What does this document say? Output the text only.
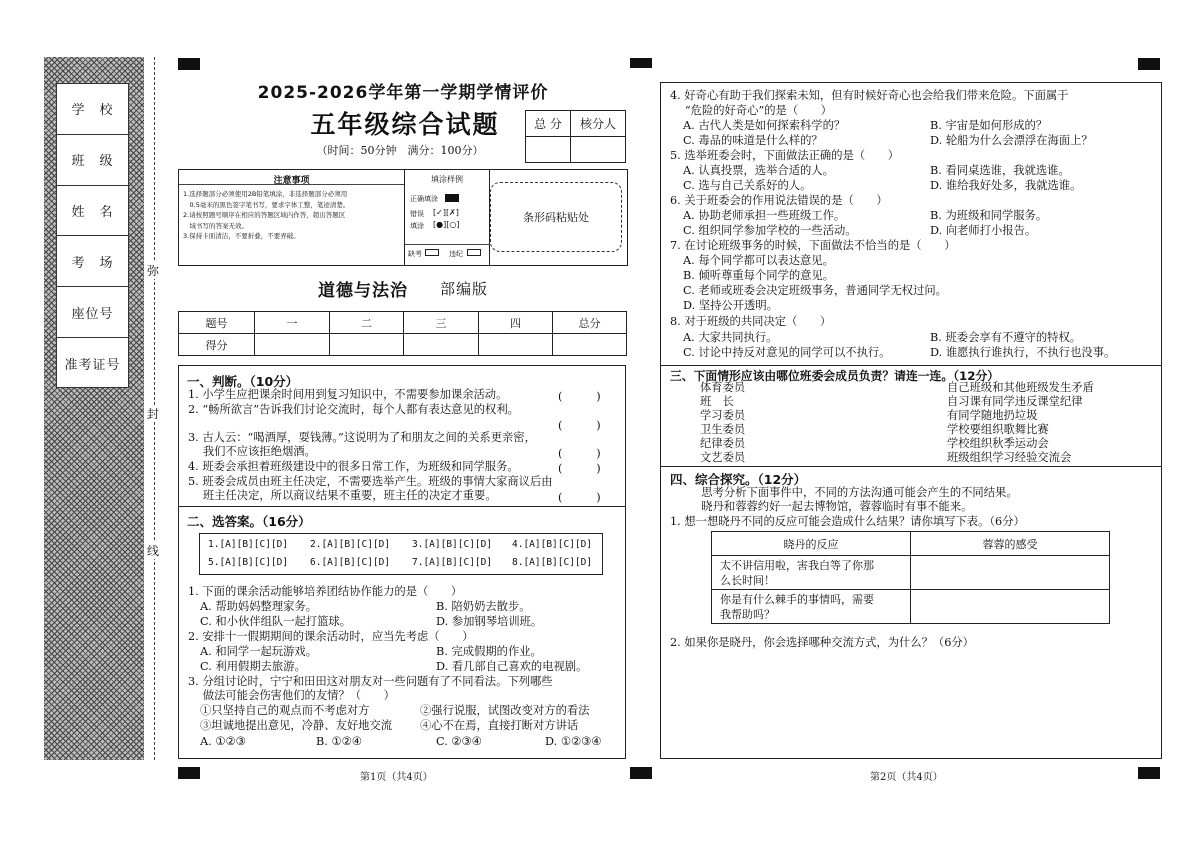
学　校
班　级
姓　名
考　场
座位号
准考证号
弥
封
线
2025-2026学年第一学期学情评价
五年级综合试题
（时间：50分钟　满分：100分）
总 分	核分人

注意事项
1.选择题部分必须使用2B铅笔填涂，非选择题部分必须用
　0.5毫米的黑色签字笔书写，要求字体工整，笔迹清楚。
2.请按照题号顺序在相应的答题区域内作答，超出答题区
　域书写的答案无效。
3.保持卡面清洁，不要折叠，不要弄破。
填涂样例
正确填涂
错误 [✓][✗]
填涂 [●][○]
缺考	违纪
条形码粘贴处
道德与法治 部编版
题号	一	二	三	四	总分
得分					
一、判断。（10分）
1. 小学生应把课余时间用到复习知识中，不需要参加课余活动。	(　　　)
2. “畅所欲言”告诉我们讨论交流时，每个人都有表达意见的权利。
(　　　)
3. 古人云：“喝酒厚，耍钱薄。”这说明为了和朋友之间的关系更亲密，
　 我们不应该拒绝烟酒。	(　　　)
4. 班委会承担着班级建设中的很多日常工作，为班级和同学服务。	(　　　)
5. 班委会成员由班主任决定，不需要选举产生。班级的事情大家商议后由
　 班主任决定，所以商议结果不重要，班主任的决定才重要。	(　　　)
二、选答案。（16分）
1.[A][B][C][D] 2.[A][B][C][D] 3.[A][B][C][D] 4.[A][B][C][D]
5.[A][B][C][D] 6.[A][B][C][D] 7.[A][B][C][D] 8.[A][B][C][D]
1. 下面的课余活动能够培养团结协作能力的是（　　）
A. 帮助妈妈整理家务。	B. 陪奶奶去散步。
C. 和小伙伴组队一起打篮球。	D. 参加钢琴培训班。
2. 安排十一假期期间的课余活动时，应当先考虑（　　）
A. 和同学一起玩游戏。	B. 完成假期的作业。
C. 利用假期去旅游。	D. 看几部自己喜欢的电视剧。
3. 分组讨论时，宁宁和田田这对朋友对一些问题有了不同看法。下列哪些
　 做法可能会伤害他们的友情？（　　）
①只坚持自己的观点而不考虑对方	②强行说服，试图改变对方的看法
③坦诚地提出意见，冷静、友好地交流 ④心不在焉，直接打断对方讲话
A. ①②③	B. ①②④	C. ②③④	D. ①②③④
第1页（共4页）
4. 好奇心有助于我们探索未知，但有时候好奇心也会给我们带来危险。下面属于
　 “危险的好奇心”的是（　　）
A. 古代人类是如何探索科学的？	B. 宇宙是如何形成的？
C. 毒品的味道是什么样的？	D. 轮船为什么会漂浮在海面上？
5. 选举班委会时，下面做法正确的是（　　）
A. 认真投票，选举合适的人。	B. 看同桌选谁，我就选谁。
C. 选与自己关系好的人。	D. 谁给我好处多，我就选谁。
6. 关于班委会的作用说法错误的是（　　）
A. 协助老师承担一些班级工作。	B. 为班级和同学服务。
C. 组织同学参加学校的一些活动。	D. 向老师打小报告。
7. 在讨论班级事务的时候，下面做法不恰当的是（　　）
A. 每个同学都可以表达意见。
B. 倾听尊重每个同学的意见。
C. 老师或班委会决定班级事务，普通同学无权过问。
D. 坚持公开透明。
8. 对于班级的共同决定（　　）
A. 大家共同执行。	B. 班委会享有不遵守的特权。
C. 讨论中持反对意见的同学可以不执行。	D. 谁愿执行谁执行，不执行也没事。
三、下面情形应该由哪位班委会成员负责？请连一连。（12分）
体育委员
班　长
学习委员
卫生委员
纪律委员
文艺委员
自己班级和其他班级发生矛盾
自习课有同学违反课堂纪律
有同学随地扔垃圾
学校要组织歌舞比赛
学校组织秋季运动会
班级组织学习经验交流会
四、综合探究。（12分）
　思考分析下面事件中，不同的方法沟通可能会产生的不同结果。
　晓丹和蓉蓉约好一起去博物馆，蓉蓉临时有事不能来。
1. 想一想晓丹不同的反应可能会造成什么结果？请你填写下表。（6分）
晓丹的反应	蓉蓉的感受

太不讲信用啦，害我白等了你那
么长时间！	

你是有什么棘手的事情吗，需要
我帮助吗？	

2. 如果你是晓丹，你会选择哪种交流方式，为什么？（6分）
第2页（共4页）
